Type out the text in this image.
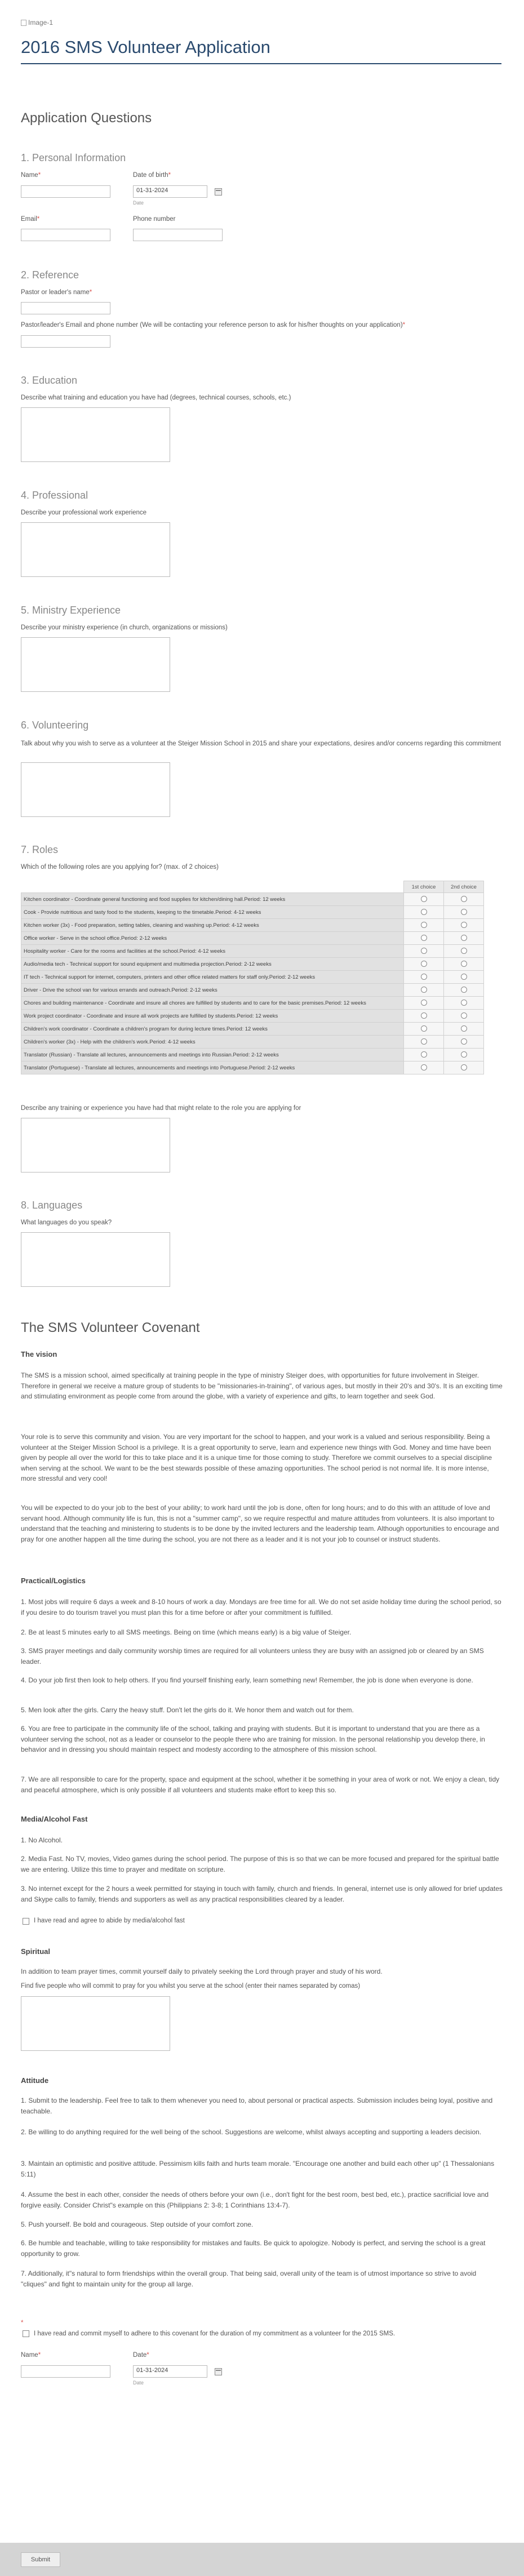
Image-1
2016 SMS Volunteer Application
Application Questions
1. Personal Information
Name*	Date of birth*
01-31-2024
Date
Email*	Phone number
2. Reference
Pastor or leader's name*
Pastor/leader's Email and phone number (We will be contacting your reference person to ask for his/her thoughts on your application)*
3. Education
Describe what training and education you have had (degrees, technical courses, schools, etc.)
4. Professional
Describe your professional work experience
5. Ministry Experience
Describe your ministry experience (in church, organizations or missions)
6. Volunteering
Talk about why you wish to serve as a volunteer at the Steiger Mission School in 2015 and share your expectations, desires and/or concerns regarding this commitment
7. Roles
Which of the following roles are you applying for? (max. of 2 choices)
	1st choice	2nd choice
Kitchen coordinator - Coordinate general functioning and food supplies for kitchen/dining hall.Period: 12 weeks		
Cook - Provide nutritious and tasty food to the students, keeping to the timetable.Period: 4-12 weeks		
Kitchen worker (3x) - Food preparation, setting tables, cleaning and washing up.Period: 4-12 weeks		
Office worker - Serve in the school office.Period: 2-12 weeks		
Hospitality worker - Care for the rooms and facilities at the school.Period: 4-12 weeks		
Audio/media tech - Technical support for sound equipment and multimedia projection.Period: 2-12 weeks		
IT tech - Technical support for internet, computers, printers and other office related matters for staff only.Period: 2-12 weeks		
Driver - Drive the school van for various errands and outreach.Period: 2-12 weeks		
Chores and building maintenance - Coordinate and insure all chores are fulfilled by students and to care for the basic premises.Period: 12 weeks		
Work project coordinator - Coordinate and insure all work projects are fulfilled by students.Period: 12 weeks		
Children's work coordinator - Coordinate a children's program for during lecture times.Period: 12 weeks		
Children's worker (3x) - Help with the children's work.Period: 4-12 weeks		
Translator (Russian) - Translate all lectures, announcements and meetings into Russian.Period: 2-12 weeks		
Translator (Portuguese) - Translate all lectures, announcements and meetings into Portuguese.Period: 2-12 weeks		
Describe any training or experience you have had that might relate to the role you are applying for
8. Languages
What languages do you speak?
The SMS Volunteer Covenant
The vision
The SMS is a mission school, aimed specifically at training people in the type of ministry Steiger does, with opportunities for future involvement in Steiger. Therefore in general we receive a mature group of students to be "missionaries-in-training", of various ages, but mostly in their 20's and 30's. It is an exciting time and stimulating environment as people come from around the globe, with a variety of experience and gifts, to learn together and seek God.
Your role is to serve this community and vision. You are very important for the school to happen, and your work is a valued and serious responsibility. Being a volunteer at the Steiger Mission School is a privilege. It is a great opportunity to serve, learn and experience new things with God. Money and time have been given by people all over the world for this to take place and it is a unique time for those coming to study. Therefore we commit ourselves to a special discipline when serving at the school. We want to be the best stewards possible of these amazing opportunities. The school period is not normal life. It is more intense, more stressful and very cool!
You will be expected to do your job to the best of your ability; to work hard until the job is done, often for long hours; and to do this with an attitude of love and servant hood. Although community life is fun, this is not a "summer camp", so we require respectful and mature attitudes from volunteers. It is also important to understand that the teaching and ministering to students is to be done by the invited lecturers and the leadership team. Although opportunities to encourage and pray for one another happen all the time during the school, you are not there as a leader and it is not your job to counsel or instruct students.
Practical/Logistics
1. Most jobs will require 6 days a week and 8-10 hours of work a day. Mondays are free time for all. We do not set aside holiday time during the school period, so if you desire to do tourism travel you must plan this for a time before or after your commitment is fulfilled.
2. Be at least 5 minutes early to all SMS meetings. Being on time (which means early) is a big value of Steiger.
3. SMS prayer meetings and daily community worship times are required for all volunteers unless they are busy with an assigned job or cleared by an SMS leader.
4. Do your job first then look to help others. If you find yourself finishing early, learn something new! Remember, the job is done when everyone is done.
5. Men look after the girls. Carry the heavy stuff. Don't let the girls do it. We honor them and watch out for them.
6. You are free to participate in the community life of the school, talking and praying with students. But it is important to understand that you are there as a volunteer serving the school, not as a leader or counselor to the people there who are training for mission. In the personal relationship you develop there, in behavior and in dressing you should maintain respect and modesty according to the atmosphere of this mission school.
7. We are all responsible to care for the property, space and equipment at the school, whether it be something in your area of work or not. We enjoy a clean, tidy and peaceful atmosphere, which is only possible if all volunteers and students make effort to keep this so.
Media/Alcohol Fast
1. No Alcohol.
2. Media Fast. No TV, movies, Video games during the school period. The purpose of this is so that we can be more focused and prepared for the spiritual battle we are entering. Utilize this time to prayer and meditate on scripture.
3. No internet except for the 2 hours a week permitted for staying in touch with family, church and friends. In general, internet use is only allowed for brief updates and Skype calls to family, friends and supporters as well as any practical responsibilities cleared by a leader.
I have read and agree to abide by media/alcohol fast
Spiritual
In addition to team prayer times, commit yourself daily to privately seeking the Lord through prayer and study of his word.
Find five people who will commit to pray for you whilst you serve at the school (enter their names separated by comas)
Attitude
1. Submit to the leadership. Feel free to talk to them whenever you need to, about personal or practical aspects. Submission includes being loyal, positive and teachable.
2. Be willing to do anything required for the well being of the school. Suggestions are welcome, whilst always accepting and supporting a leaders decision.
3. Maintain an optimistic and positive attitude. Pessimism kills faith and hurts team morale. "Encourage one another and build each other up" (1 Thessalonians 5:11)
4. Assume the best in each other, consider the needs of others before your own (i.e., don't fight for the best room, best bed, etc.), practice sacrificial love and forgive easily. Consider Christ"s example on this (Philippians 2: 3-8; 1 Corinthians 13:4-7).
5. Push yourself. Be bold and courageous. Step outside of your comfort zone.
6. Be humble and teachable, willing to take responsibility for mistakes and faults. Be quick to apologize. Nobody is perfect, and serving the school is a great opportunity to grow.
7. Additionally, it"s natural to form friendships within the overall group. That being said, overall unity of the team is of utmost importance so strive to avoid "cliques" and fight to maintain unity for the group all large.
*
I have read and commit myself to adhere to this covenant for the duration of my commitment as a volunteer for the 2015 SMS.
Name*	Date*
01-31-2024
Date
Submit
